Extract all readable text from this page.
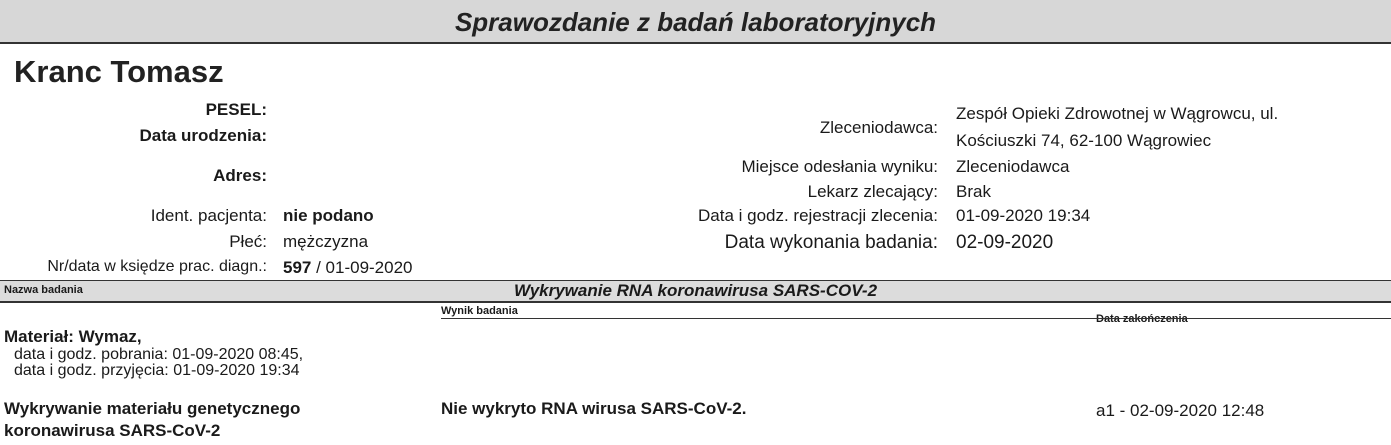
Sprawozdanie z badań laboratoryjnych
Kranc Tomasz
PESEL:
Data urodzenia:
Adres:
Ident. pacjenta: nie podano
Płeć: mężczyzna
Nr/data w księdze prac. diagn.: 597 / 01-09-2020
Zleceniodawca:
Zespół Opieki Zdrowotnej w Wągrowcu, ul.
Kościuszki 74, 62-100 Wągrowiec
Miejsce odesłania wyniku: Zleceniodawca
Lekarz zlecający: Brak
Data i godz. rejestracji zlecenia: 01-09-2020 19:34
Data wykonania badania: 02-09-2020
Nazwa badania	Wykrywanie RNA koronawirusa SARS-COV-2
Wynik badania
Data zakończenia
Materiał: Wymaz,
data i godz. pobrania: 01-09-2020 08:45,
data i godz. przyjęcia: 01-09-2020 19:34
Wykrywanie materiału genetycznego
koronawirusa SARS-CoV-2
Nie wykryto RNA wirusa SARS-CoV-2.	a1 - 02-09-2020 12:48
